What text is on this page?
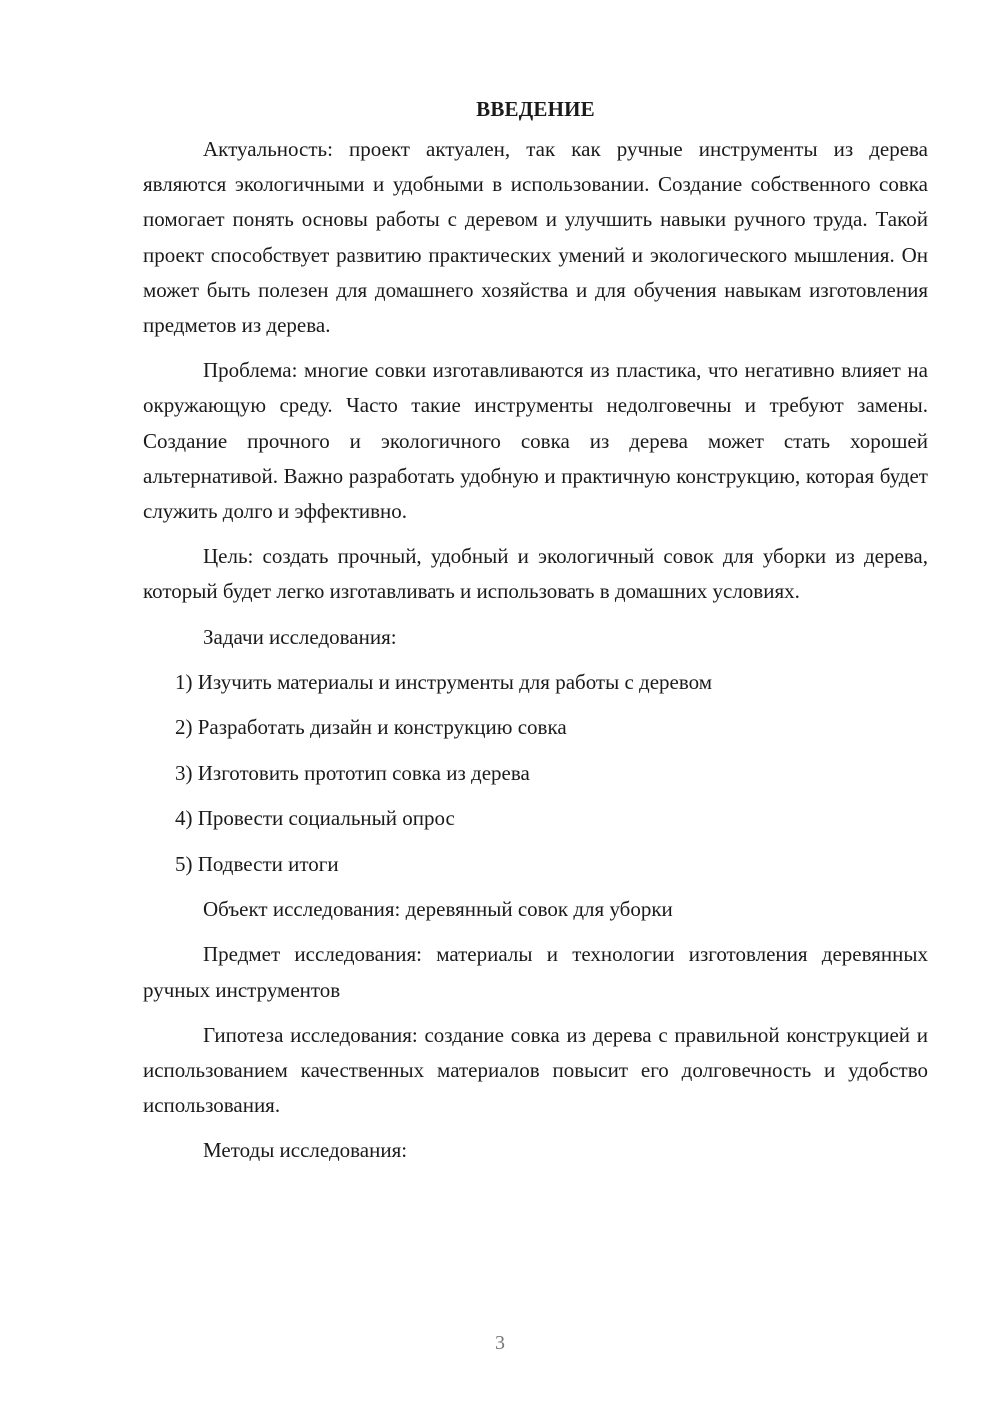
ВВЕДЕНИЕ

Актуальность: проект актуален, так как ручные инструменты из дерева являются экологичными и удобными в использовании. Создание собственного совка помогает понять основы работы с деревом и улучшить навыки ручного труда. Такой проект способствует развитию практических умений и экологического мышления. Он может быть полезен для домашнего хозяйства и для обучения навыкам изготовления предметов из дерева.

Проблема: многие совки изготавливаются из пластика, что негативно влияет на окружающую среду. Часто такие инструменты недолговечны и требуют замены. Создание прочного и экологичного совка из дерева может стать хорошей альтернативой. Важно разработать удобную и практичную конструкцию, которая будет служить долго и эффективно.

Цель: создать прочный, удобный и экологичный совок для уборки из дерева, который будет легко изготавливать и использовать в домашних условиях.

Задачи исследования:
1) Изучить материалы и инструменты для работы с деревом
2) Разработать дизайн и конструкцию совка
3) Изготовить прототип совка из дерева
4) Провести социальный опрос
5) Подвести итоги
Объект исследования: деревянный совок для уборки

Предмет исследования: материалы и технологии изготовления деревянных ручных инструментов

Гипотеза исследования: создание совка из дерева с правильной конструкцией и использованием качественных материалов повысит его долговечность и удобство использования.

Методы исследования:
3
